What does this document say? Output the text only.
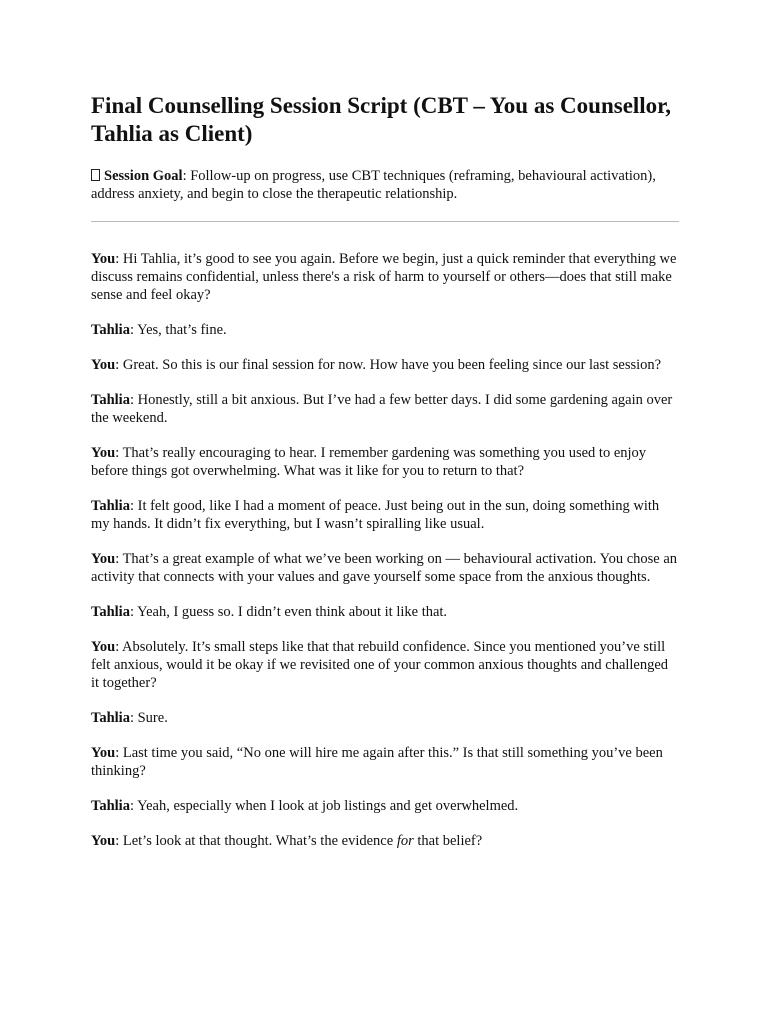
Final Counselling Session Script (CBT – You as Counsellor, Tahlia as Client)

Session Goal: Follow-up on progress, use CBT techniques (reframing, behavioural activation), address anxiety, and begin to close the therapeutic relationship.

You: Hi Tahlia, it’s good to see you again. Before we begin, just a quick reminder that everything we discuss remains confidential, unless there's a risk of harm to yourself or others—does that still make sense and feel okay?

Tahlia: Yes, that’s fine.

You: Great. So this is our final session for now. How have you been feeling since our last session?

Tahlia: Honestly, still a bit anxious. But I’ve had a few better days. I did some gardening again over the weekend.

You: That’s really encouraging to hear. I remember gardening was something you used to enjoy before things got overwhelming. What was it like for you to return to that?

Tahlia: It felt good, like I had a moment of peace. Just being out in the sun, doing something with my hands. It didn’t fix everything, but I wasn’t spiralling like usual.

You: That’s a great example of what we’ve been working on — behavioural activation. You chose an activity that connects with your values and gave yourself some space from the anxious thoughts.

Tahlia: Yeah, I guess so. I didn’t even think about it like that.

You: Absolutely. It’s small steps like that that rebuild confidence. Since you mentioned you’ve still felt anxious, would it be okay if we revisited one of your common anxious thoughts and challenged it together?

Tahlia: Sure.

You: Last time you said, “No one will hire me again after this.” Is that still something you’ve been thinking?

Tahlia: Yeah, especially when I look at job listings and get overwhelmed.

You: Let’s look at that thought. What’s the evidence for that belief?
